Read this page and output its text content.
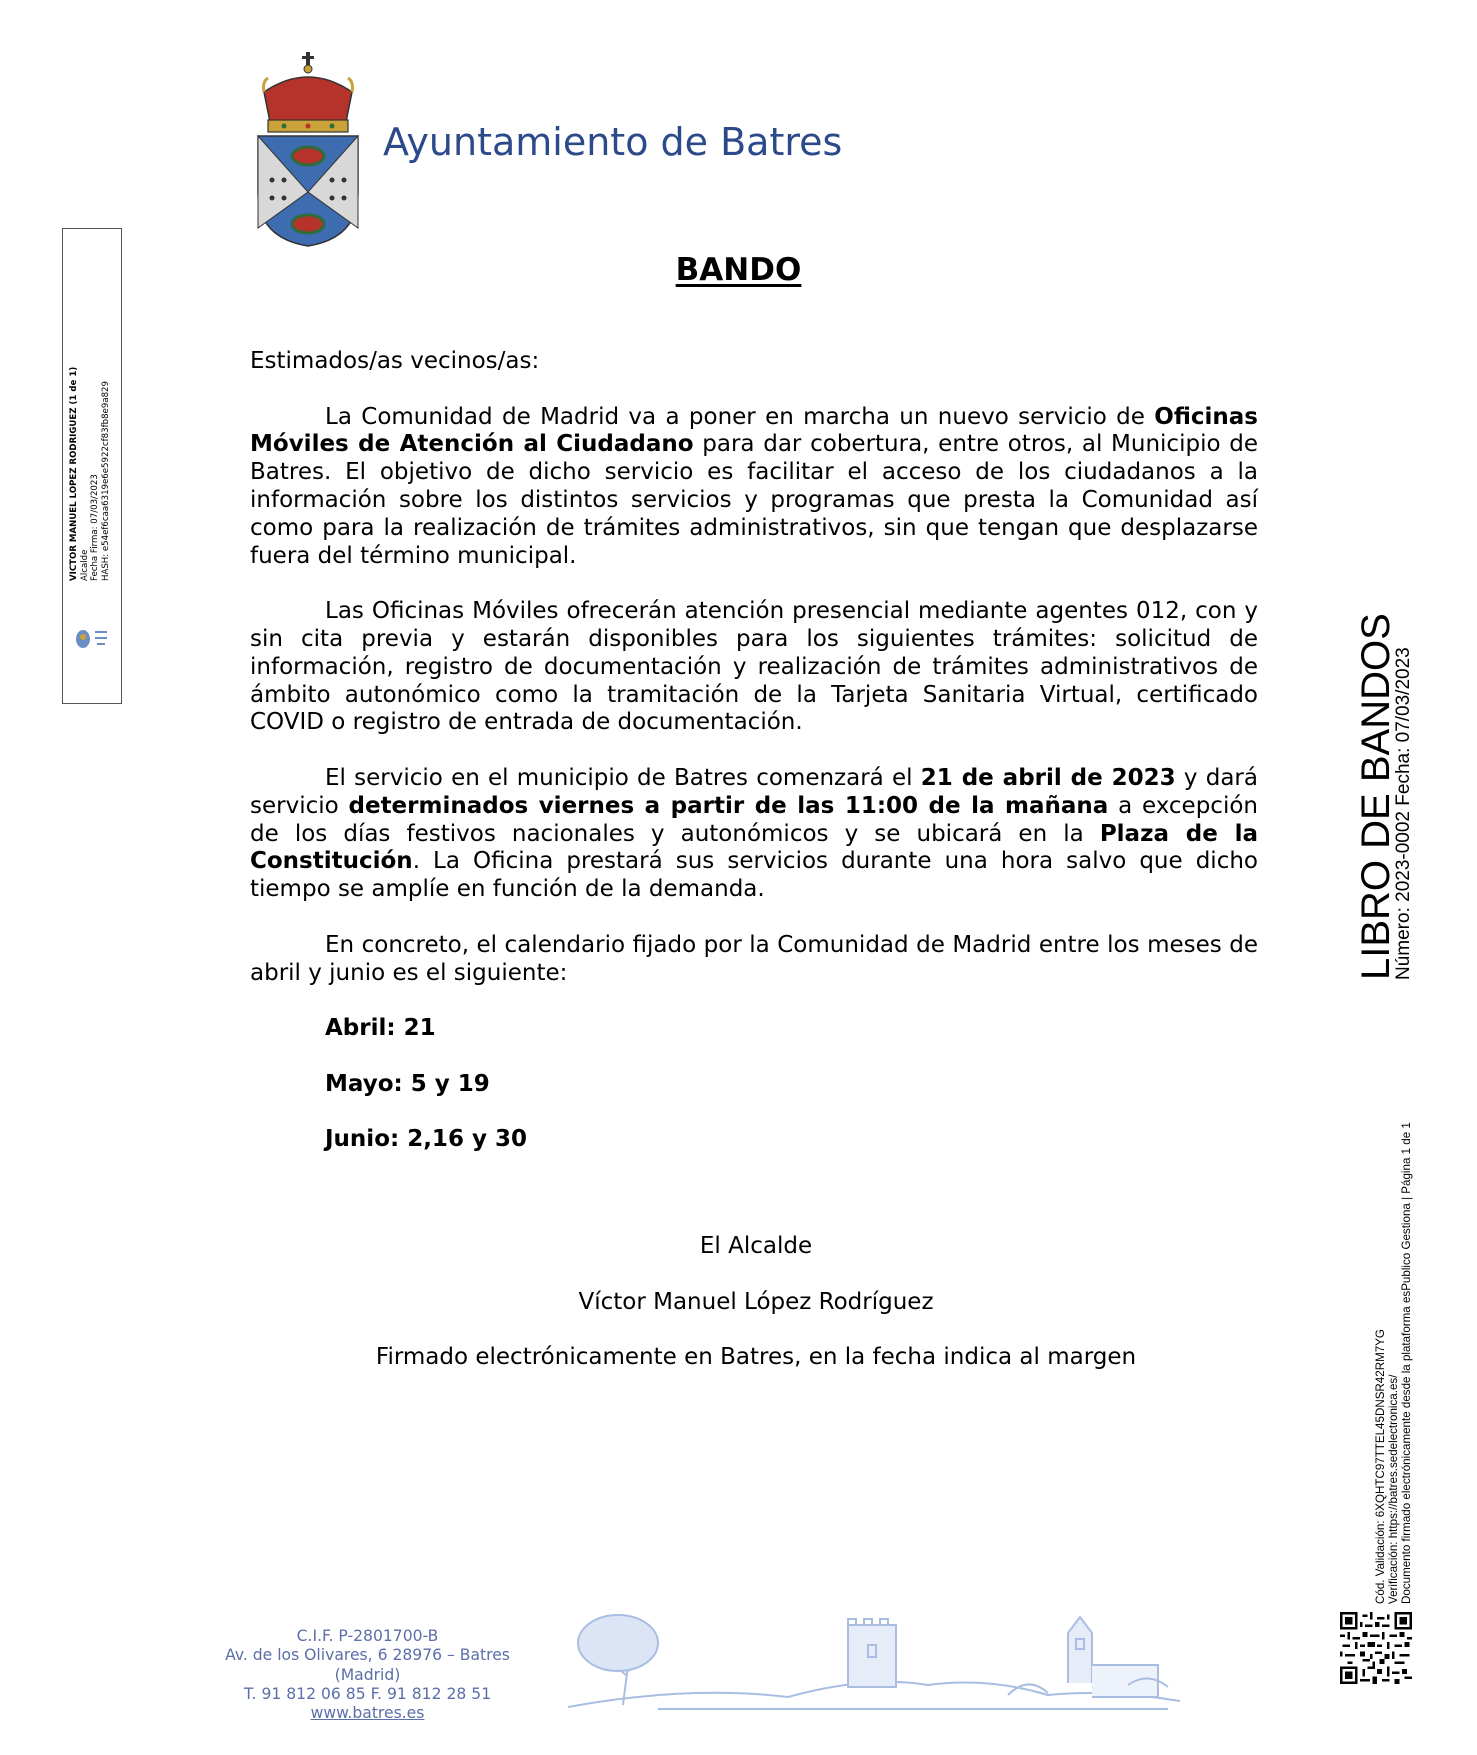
Ayuntamiento de Batres
BANDO

Estimados/as vecinos/as:

La Comunidad de Madrid va a poner en marcha un nuevo servicio de Oficinas Móviles de Atención al Ciudadano para dar cobertura, entre otros, al Municipio de Batres. El objetivo de dicho servicio es facilitar el acceso de los ciudadanos a la información sobre los distintos servicios y programas que presta la Comunidad así como para la realización de trámites administrativos, sin que tengan que desplazarse fuera del término municipal.

Las Oficinas Móviles ofrecerán atención presencial mediante agentes 012, con y sin cita previa y estarán disponibles para los siguientes trámites: solicitud de información, registro de documentación y realización de trámites administrativos de ámbito autonómico como la tramitación de la Tarjeta Sanitaria Virtual, certificado COVID o registro de entrada de documentación.

El servicio en el municipio de Batres comenzará el 21 de abril de 2023 y dará servicio determinados viernes a partir de las 11:00 de la mañana a excepción de los días festivos nacionales y autonómicos y se ubicará en la Plaza de la Constitución. La Oficina prestará sus servicios durante una hora salvo que dicho tiempo se amplíe en función de la demanda.

En concreto, el calendario fijado por la Comunidad de Madrid entre los meses de abril y junio es el siguiente:

Abril: 21

Mayo: 5 y 19

Junio: 2,16 y 30

El Alcalde
Víctor Manuel López Rodríguez
Firmado electrónicamente en Batres, en la fecha indica al margen
VICTOR MANUEL LOPEZ RODRIGUEZ (1 de 1) Alcalde Fecha Firma: 07/03/2023 HASH: e54ef6caa6319e6e5922cf83fb8e9a829
LIBRO DE BANDOS
Número: 2023-0002 Fecha: 07/03/2023
Cód. Validación: 6XQHTC97TTEL45DNSR42RM7YG Verificación: https://batres.sedelectronica.es/ Documento firmado electrónicamente desde la plataforma esPublico Gestiona | Página 1 de 1
C.I.F. P-2801700-B
Av. de los Olivares, 6 28976 – Batres (Madrid)
T. 91 812 06 85 F. 91 812 28 51
www.batres.es
